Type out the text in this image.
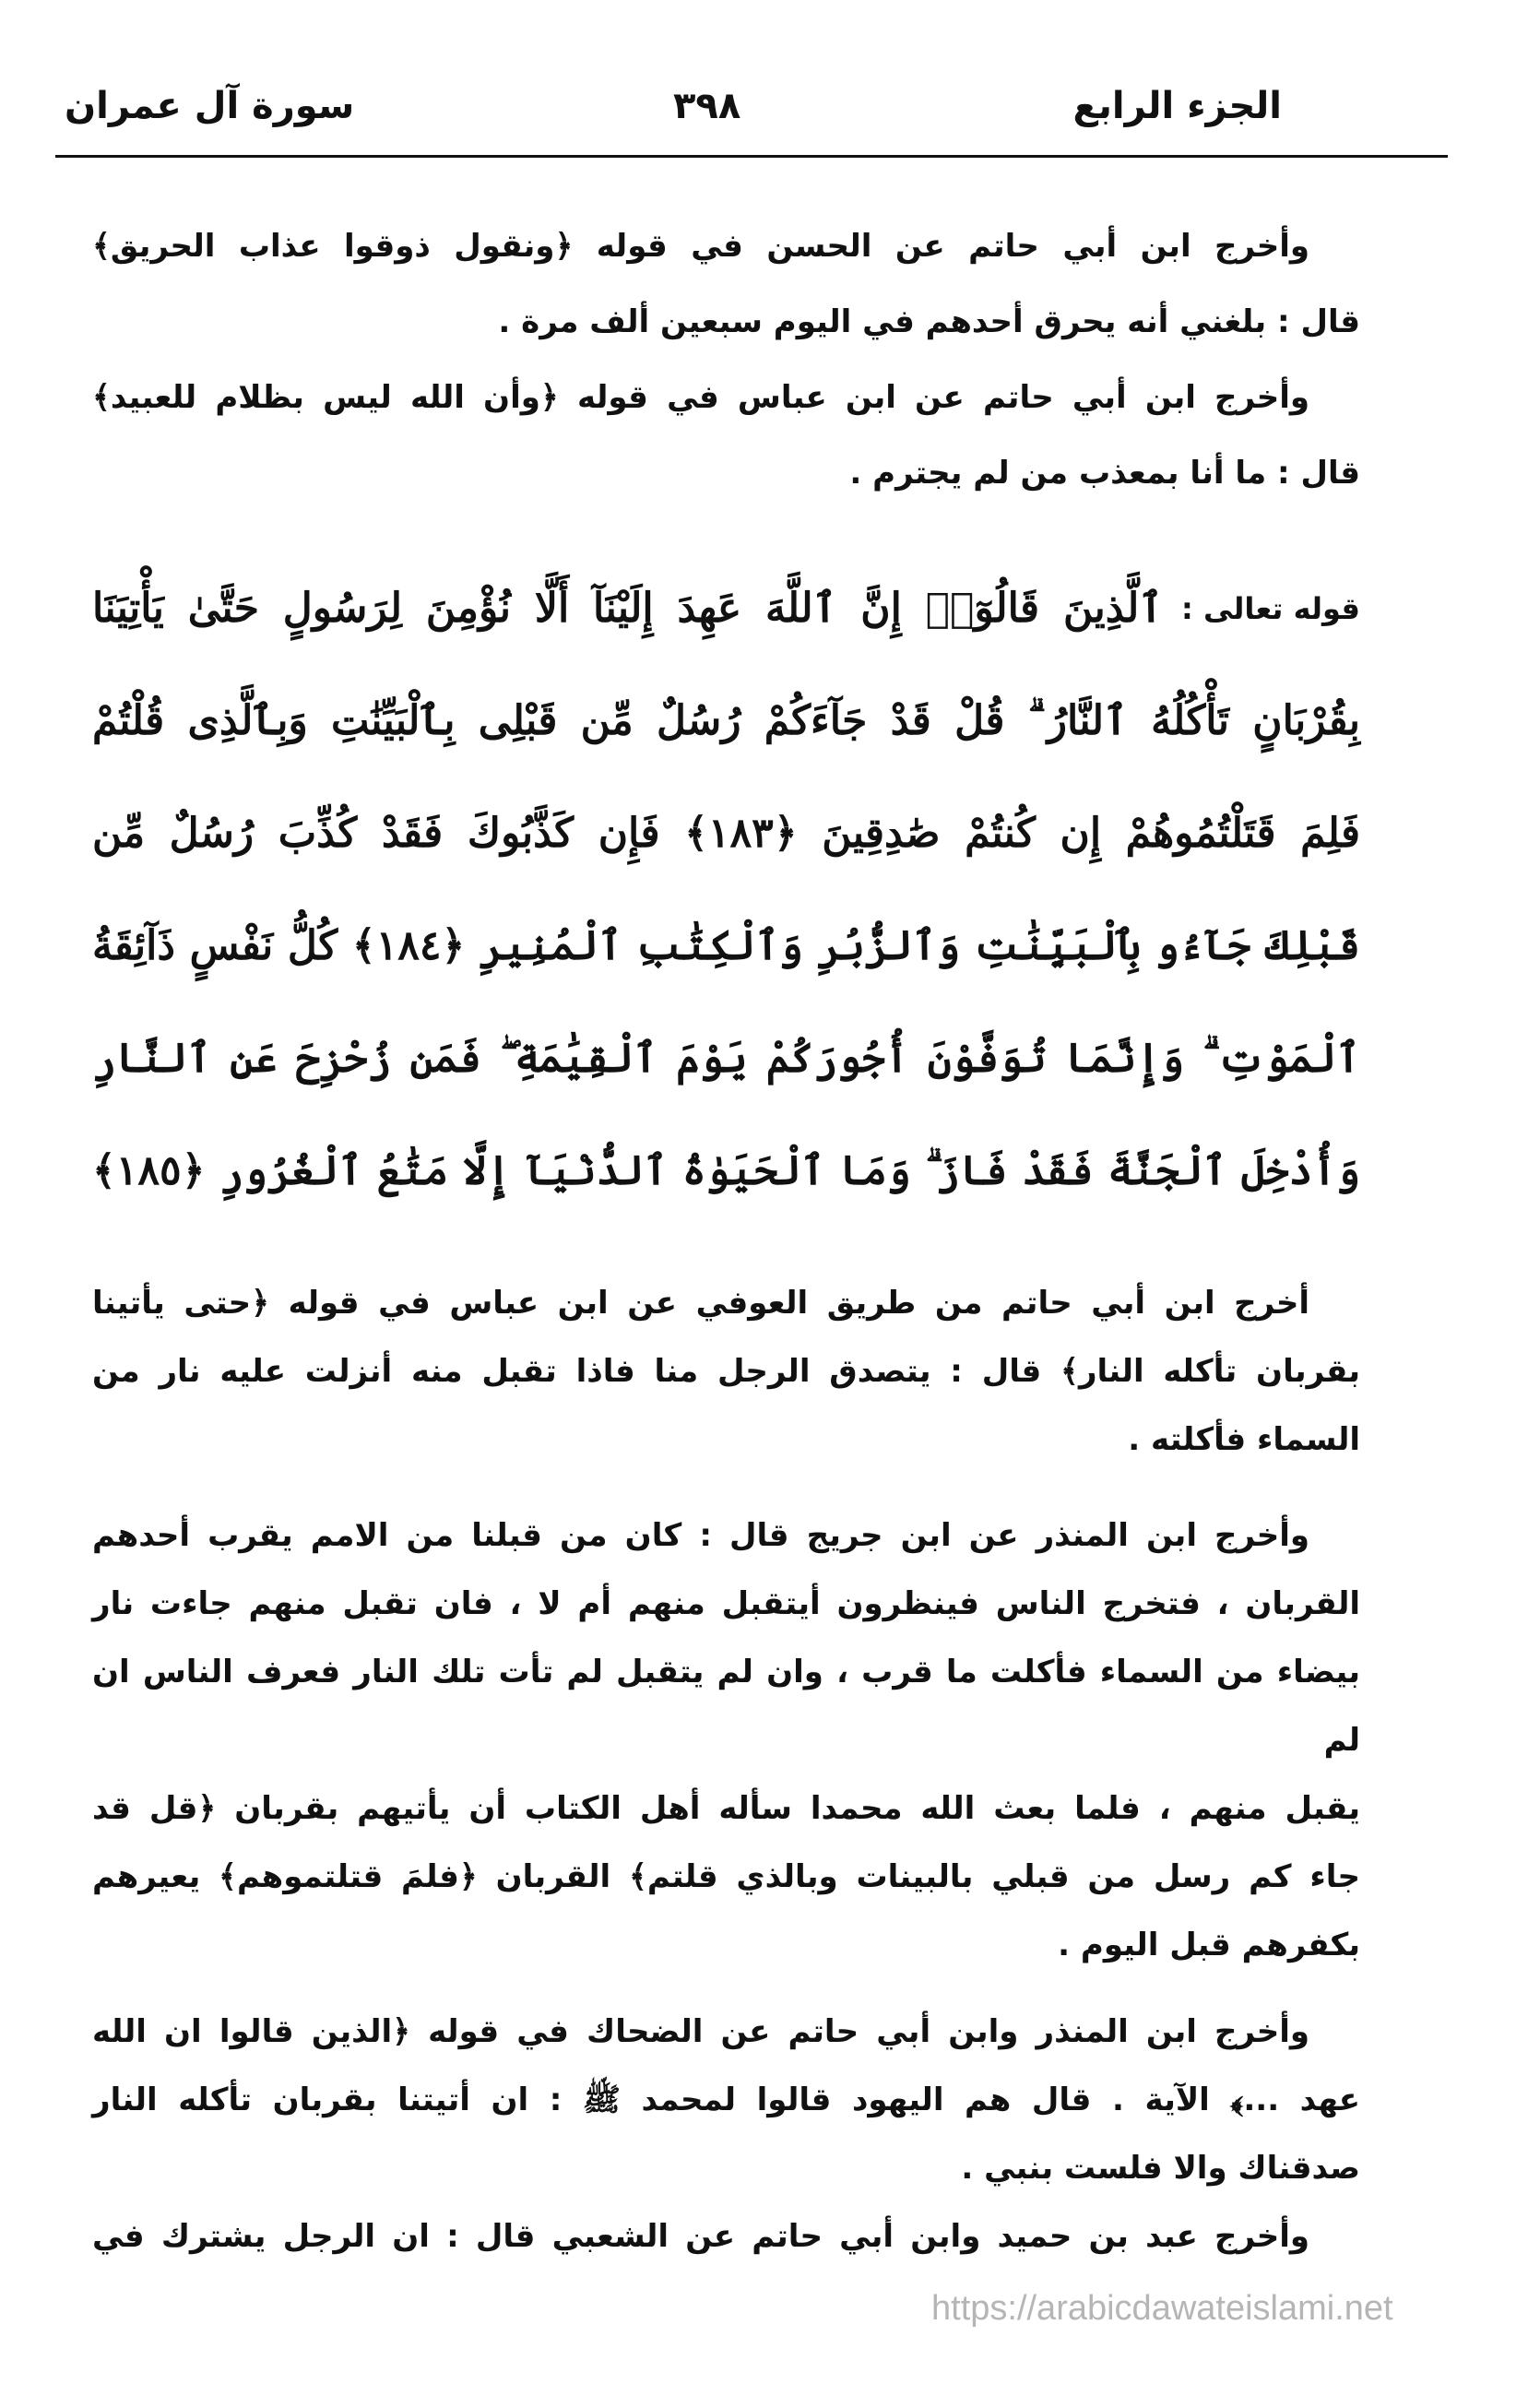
الجزء الرابع
٣٩٨
سورة آل عمران
وأخرج ابن أبي حاتم عن الحسن في قوله ﴿ونقول ذوقوا عذاب الحريق﴾
قال : بلغني أنه يحرق أحدهم في اليوم سبعين ألف مرة .
وأخرج ابن أبي حاتم عن ابن عباس في قوله ﴿وأن الله ليس بظلام للعبيد﴾
قال : ما أنا بمعذب من لم يجترم .
قوله تعالى :
ٱلَّذِينَ قَالُوٓا۟ إِنَّ ٱللَّهَ عَهِدَ إِلَيْنَآ أَلَّا نُؤْمِنَ لِرَسُولٍ حَتَّىٰ يَأْتِيَنَا
بِقُرْبَانٍ تَأْكُلُهُ ٱلنَّارُ ۗ قُلْ قَدْ جَآءَكُمْ رُسُلٌ مِّن قَبْلِى بِٱلْبَيِّنَٰتِ وَبِٱلَّذِى قُلْتُمْ
فَلِمَ قَتَلْتُمُوهُمْ إِن كُنتُمْ صَٰدِقِينَ ﴿١٨٣﴾ فَإِن كَذَّبُوكَ فَقَدْ كُذِّبَ رُسُلٌ مِّن
قَبْلِكَ جَآءُو بِٱلْبَيِّنَٰتِ وَٱلزُّبُرِ وَٱلْكِتَٰبِ ٱلْمُنِيرِ ﴿١٨٤﴾ كُلُّ نَفْسٍ ذَآئِقَةُ
ٱلْمَوْتِ ۗ وَإِنَّمَا تُوَفَّوْنَ أُجُورَكُمْ يَوْمَ ٱلْقِيَٰمَةِ ۖ فَمَن زُحْزِحَ عَنِ ٱلنَّارِ
وَأُدْخِلَ ٱلْجَنَّةَ فَقَدْ فَازَ ۗ وَمَا ٱلْحَيَوٰةُ ٱلدُّنْيَآ إِلَّا مَتَٰعُ ٱلْغُرُورِ ﴿١٨٥﴾
أخرج ابن أبي حاتم من طريق العوفي عن ابن عباس في قوله ﴿حتى يأتينا
بقربان تأكله النار﴾ قال : يتصدق الرجل منا فاذا تقبل منه أنزلت عليه نار من
السماء فأكلته .
وأخرج ابن المنذر عن ابن جريج قال : كان من قبلنا من الامم يقرب أحدهم
القربان ، فتخرج الناس فينظرون أيتقبل منهم أم لا ، فان تقبل منهم جاءت نار
بيضاء من السماء فأكلت ما قرب ، وان لم يتقبل لم تأت تلك النار فعرف الناس ان لم
يقبل منهم ، فلما بعث الله محمدا سأله أهل الكتاب أن يأتيهم بقربان ﴿قل قد
جاء كم رسل من قبلي بالبينات وبالذي قلتم﴾ القربان ﴿فلمَ قتلتموهم﴾ يعيرهم
بكفرهم قبل اليوم .
وأخرج ابن المنذر وابن أبي حاتم عن الضحاك في قوله ﴿الذين قالوا ان الله
عهد ...﴾ الآية . قال هم اليهود قالوا لمحمد ﷺ : ان أتيتنا بقربان تأكله النار
صدقناك والا فلست بنبي .
وأخرج عبد بن حميد وابن أبي حاتم عن الشعبي قال : ان الرجل يشترك في
https://arabicdawateislami.net
